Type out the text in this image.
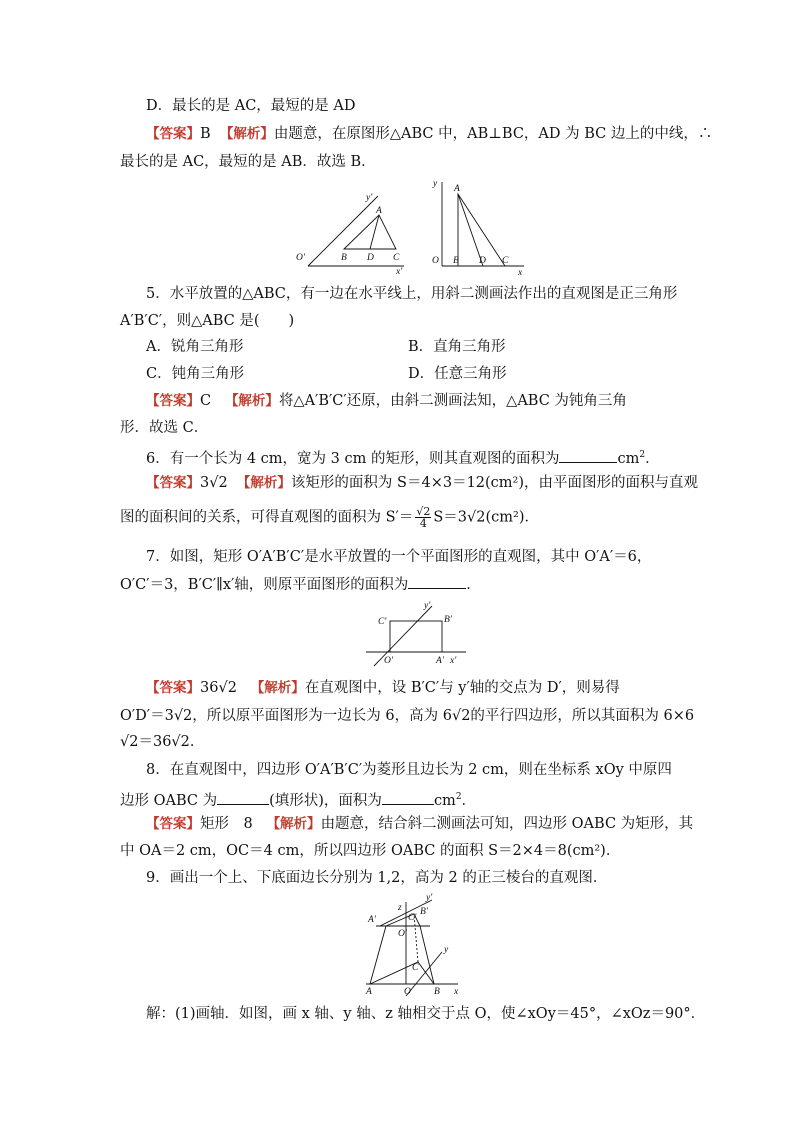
D．最长的是 AC，最短的是 AD
【答案】B 【解析】由题意，在原图形△ABC 中，AB⊥BC，AD 为 BC 边上的中线，∴
最长的是 AC，最短的是 AB．故选 B．
y'
x'
O'
A
B D C
y
x
O
A
B D C
5．水平放置的△ABC，有一边在水平线上，用斜二测画法作出的直观图是正三角形
A′B′C′，则△ABC 是(　　)
A．锐角三角形	B．直角三角形
C．钝角三角形	D．任意三角形
【答案】C 【解析】将△A′B′C′还原，由斜二测画法知，△ABC 为钝角三角
形．故选 C．
6．有一个长为 4 cm，宽为 3 cm 的矩形，则其直观图的面积为	$cm^2$．
【答案】3√2 【解析】该矩形的面积为 S＝4×3＝12(cm²)，由平面图形的面积与直观
图的面积间的关系，可得直观图的面积为 $S'= \frac{√2}{4} S=3√2(cm^2)$．
7．如图，矩形 O′A′B′C′是水平放置的一个平面图形的直观图，其中 O′A′＝6，
O′C′＝3，B′C′∥x′轴，则原平面图形的面积为	．
y'
C'	B'
O'	A' x'
【答案】36√2 【解析】在直观图中，设 B′C′与 y′轴的交点为 D′，则易得
O′D′＝3√2，所以原平面图形为一边长为 6，高为 6√2的平行四边形，所以其面积为 6×6
√2＝36√2．
8．在直观图中，四边形 O′A′B′C′为菱形且边长为 2 cm，则在坐标系 xOy 中原四
边形 OABC 为	(填形状)，面积为	$cm^2$．
【答案】矩形　8 【解析】由题意，结合斜二测画法可知，四边形 OABC 为矩形，其
中 OA＝2 cm，OC＝4 cm，所以四边形 OABC 的面积 S＝2×4＝8(cm²)．
9．画出一个上、下底面边长分别为 1,2，高为 2 的正三棱台的直观图．
z
y'
A'
B'
C'
O'
y
C
A	O B x
解：(1)画轴．如图，画 x 轴、y 轴、z 轴相交于点 O，使∠xOy＝45°，∠xOz＝90°．
